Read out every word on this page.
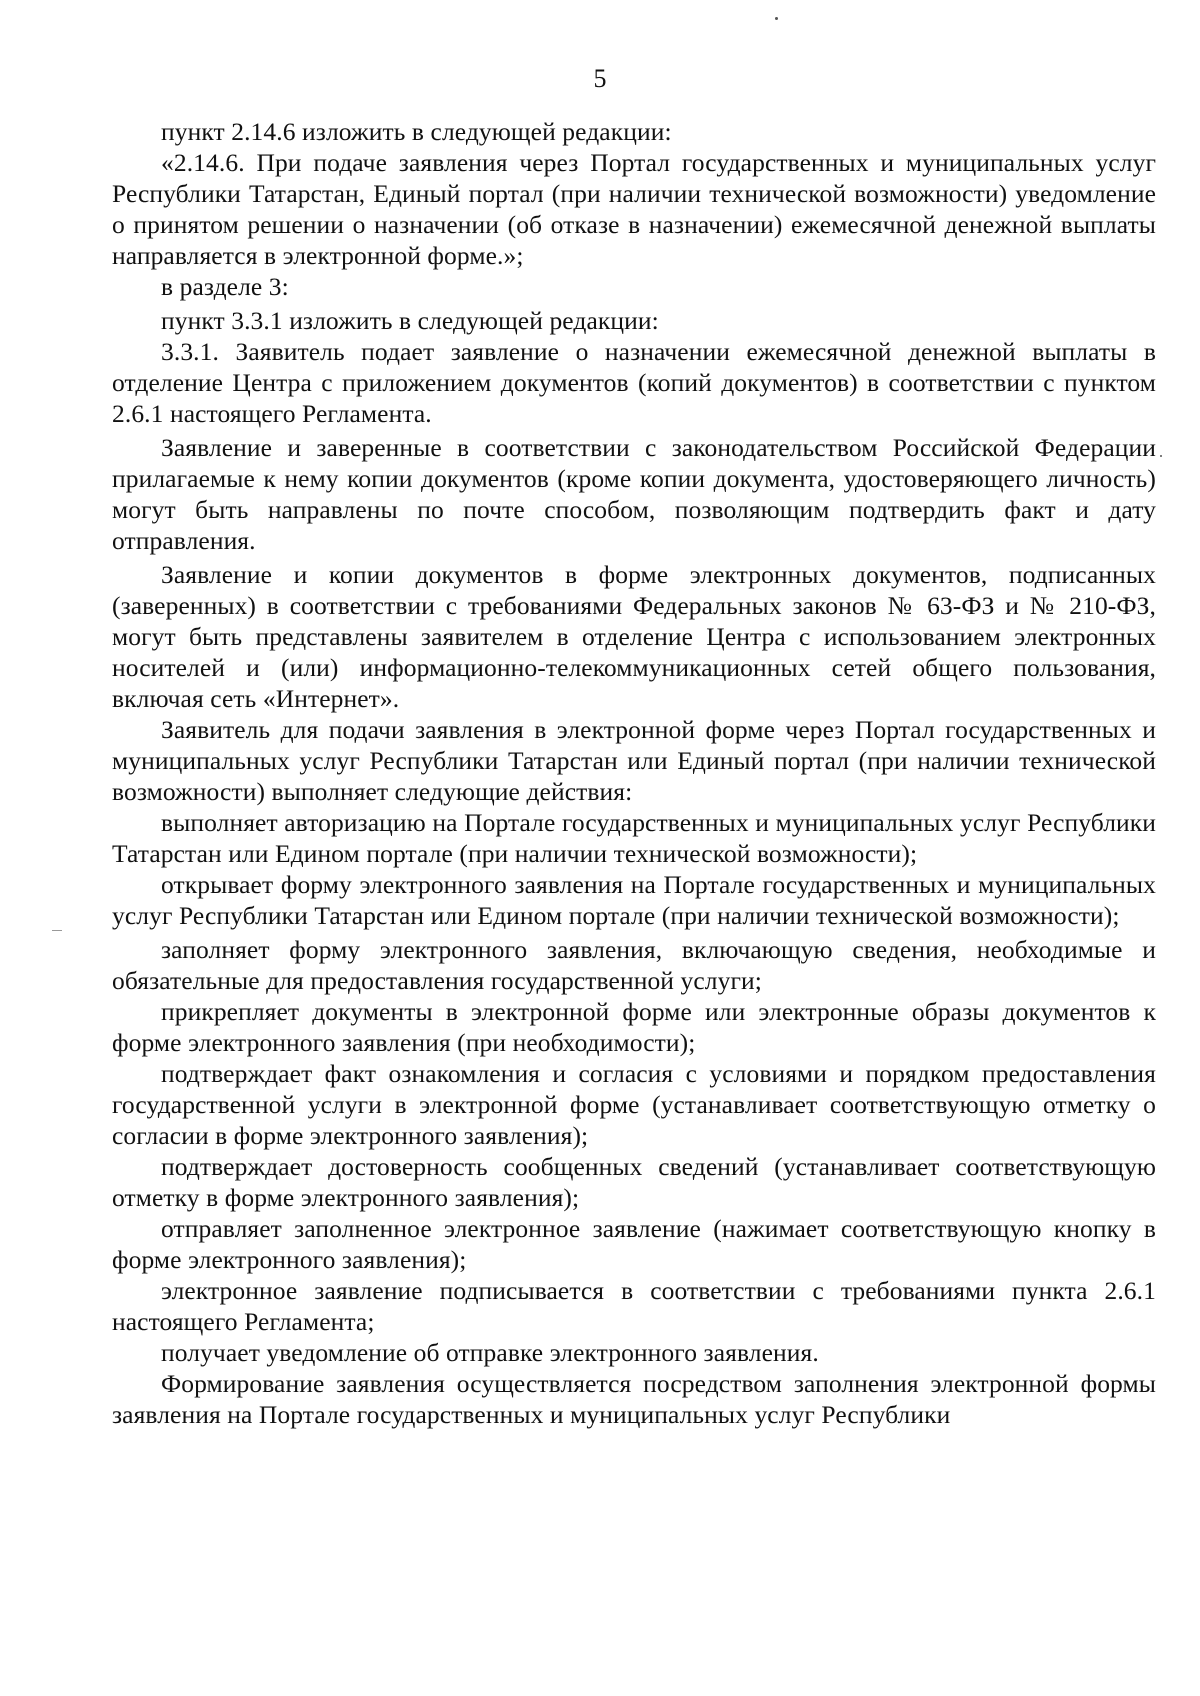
5

пункт 2.14.6 изложить в следующей редакции:

«2.14.6. При подаче заявления через Портал государственных и муниципальных услуг Республики Татарстан, Единый портал (при наличии технической возможности) уведомление о принятом решении о назначении (об отказе в назначении) ежемесячной денежной выплаты направляется в электронной форме.»;

в разделе 3:

пункт 3.3.1 изложить в следующей редакции:

3.3.1. Заявитель подает заявление о назначении ежемесячной денежной выплаты в отделение Центра с приложением документов (копий документов) в соответствии с пунктом 2.6.1 настоящего Регламента.

Заявление и заверенные в соответствии с законодательством Российской Федерации прилагаемые к нему копии документов (кроме копии документа, удостоверяющего личность) могут быть направлены по почте способом, позволяющим подтвердить факт и дату отправления.

Заявление и копии документов в форме электронных документов, подписанных (заверенных) в соответствии с требованиями Федеральных законов № 63-ФЗ и № 210-ФЗ, могут быть представлены заявителем в отделение Центра с использованием электронных носителей и (или) информационно-телекоммуникационных сетей общего пользования, включая сеть «Интернет».

Заявитель для подачи заявления в электронной форме через Портал государственных и муниципальных услуг Республики Татарстан или Единый портал (при наличии технической возможности) выполняет следующие действия:

выполняет авторизацию на Портале государственных и муниципальных услуг Республики Татарстан или Едином портале (при наличии технической возможности);

открывает форму электронного заявления на Портале государственных и муниципальных услуг Республики Татарстан или Едином портале (при наличии технической возможности);

заполняет форму электронного заявления, включающую сведения, необходимые и обязательные для предоставления государственной услуги;

прикрепляет документы в электронной форме или электронные образы документов к форме электронного заявления (при необходимости);

подтверждает факт ознакомления и согласия с условиями и порядком предоставления государственной услуги в электронной форме (устанавливает соответствующую отметку о согласии в форме электронного заявления);

подтверждает достоверность сообщенных сведений (устанавливает соответствующую отметку в форме электронного заявления);

отправляет заполненное электронное заявление (нажимает соответствующую кнопку в форме электронного заявления);

электронное заявление подписывается в соответствии с требованиями пункта 2.6.1 настоящего Регламента;

получает уведомление об отправке электронного заявления.

Формирование заявления осуществляется посредством заполнения электронной формы заявления на Портале государственных и муниципальных услуг Республики
